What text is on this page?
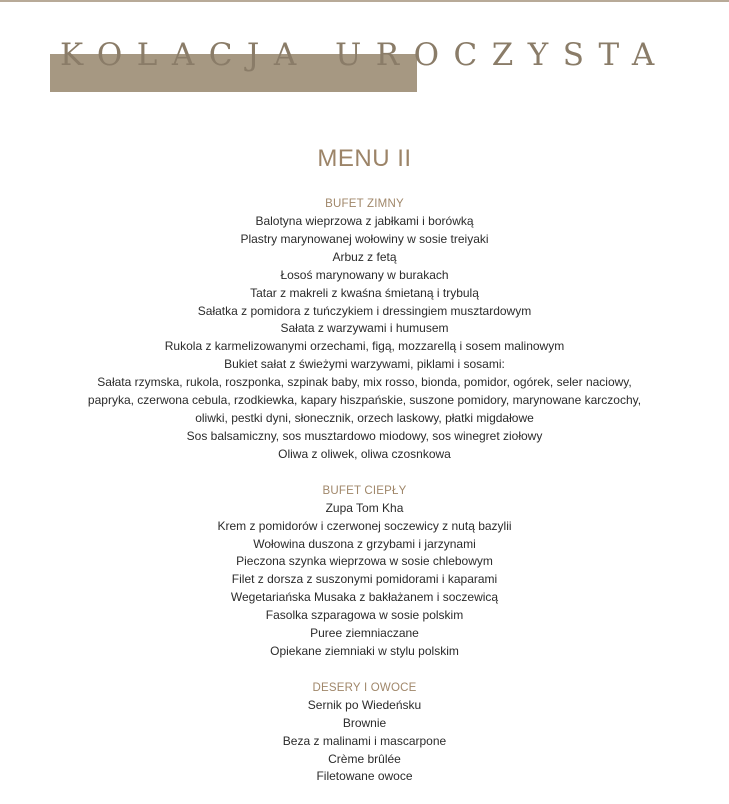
KOLACJA UROCZYSTA
MENU II

BUFET ZIMNY

Balotyna wieprzowa z jabłkami i borówką

Plastry marynowanej wołowiny w sosie treiyaki

Arbuz z fetą

Łosoś marynowany w burakach

Tatar z makreli z kwaśna śmietaną i trybulą

Sałatka z pomidora z tuńczykiem i dressingiem musztardowym

Sałata z warzywami i humusem

Rukola z karmelizowanymi orzechami, figą, mozzarellą i sosem malinowym

Bukiet sałat z świeżymi warzywami, piklami i sosami:

Sałata rzymska, rukola, roszponka, szpinak baby, mix rosso, bionda, pomidor, ogórek, seler naciowy,

papryka, czerwona cebula, rzodkiewka, kapary hiszpańskie, suszone pomidory, marynowane karczochy,

oliwki, pestki dyni, słonecznik, orzech laskowy, płatki migdałowe

Sos balsamiczny, sos musztardowo miodowy, sos winegret ziołowy

Oliwa z oliwek, oliwa czosnkowa

BUFET CIEPŁY

Zupa Tom Kha

Krem z pomidorów i czerwonej soczewicy z nutą bazylii

Wołowina duszona z grzybami i jarzynami

Pieczona szynka wieprzowa w sosie chlebowym

Filet z dorsza z suszonymi pomidorami i kaparami

Wegetariańska Musaka z bakłażanem i soczewicą

Fasolka szparagowa w sosie polskim

Puree ziemniaczane

Opiekane ziemniaki w stylu polskim

DESERY I OWOCE

Sernik po Wiedeńsku

Brownie

Beza z malinami i mascarpone

Crème brûlée

Filetowane owoce
